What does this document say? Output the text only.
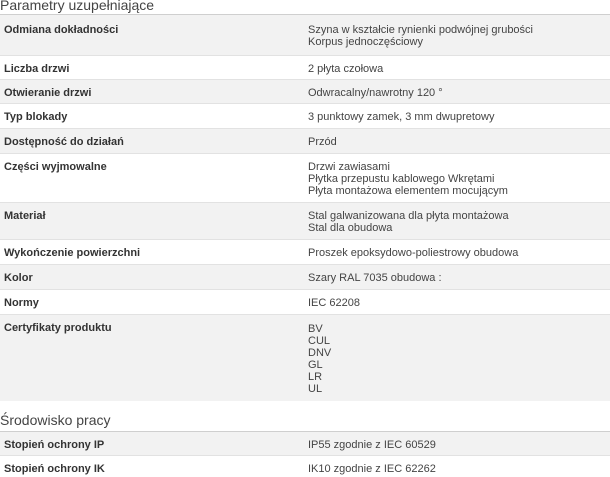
Parametry uzupełniające
Odmiana dokładności	Szyna w kształcie rynienki podwójnej grubości
Korpus jednoczęściowy
Liczba drzwi	2 płyta czołowa
Otwieranie drzwi	Odwracalny/nawrotny 120 °
Typ blokady	3 punktowy zamek, 3 mm dwupretowy
Dostępność do działań	Przód
Części wyjmowalne	Drzwi zawiasami
Płytka przepustu kablowego Wkrętami
Płyta montażowa elementem mocującym
Materiał	Stal galwanizowana dla płyta montażowa
Stal dla obudowa
Wykończenie powierzchni	Proszek epoksydowo-poliestrowy obudowa
Kolor	Szary RAL 7035 obudowa :
Normy	IEC 62208
Certyfikaty produktu	BV
CUL
DNV
GL
LR
UL
Środowisko pracy
Stopień ochrony IP	IP55 zgodnie z IEC 60529
Stopień ochrony IK	IK10 zgodnie z IEC 62262
